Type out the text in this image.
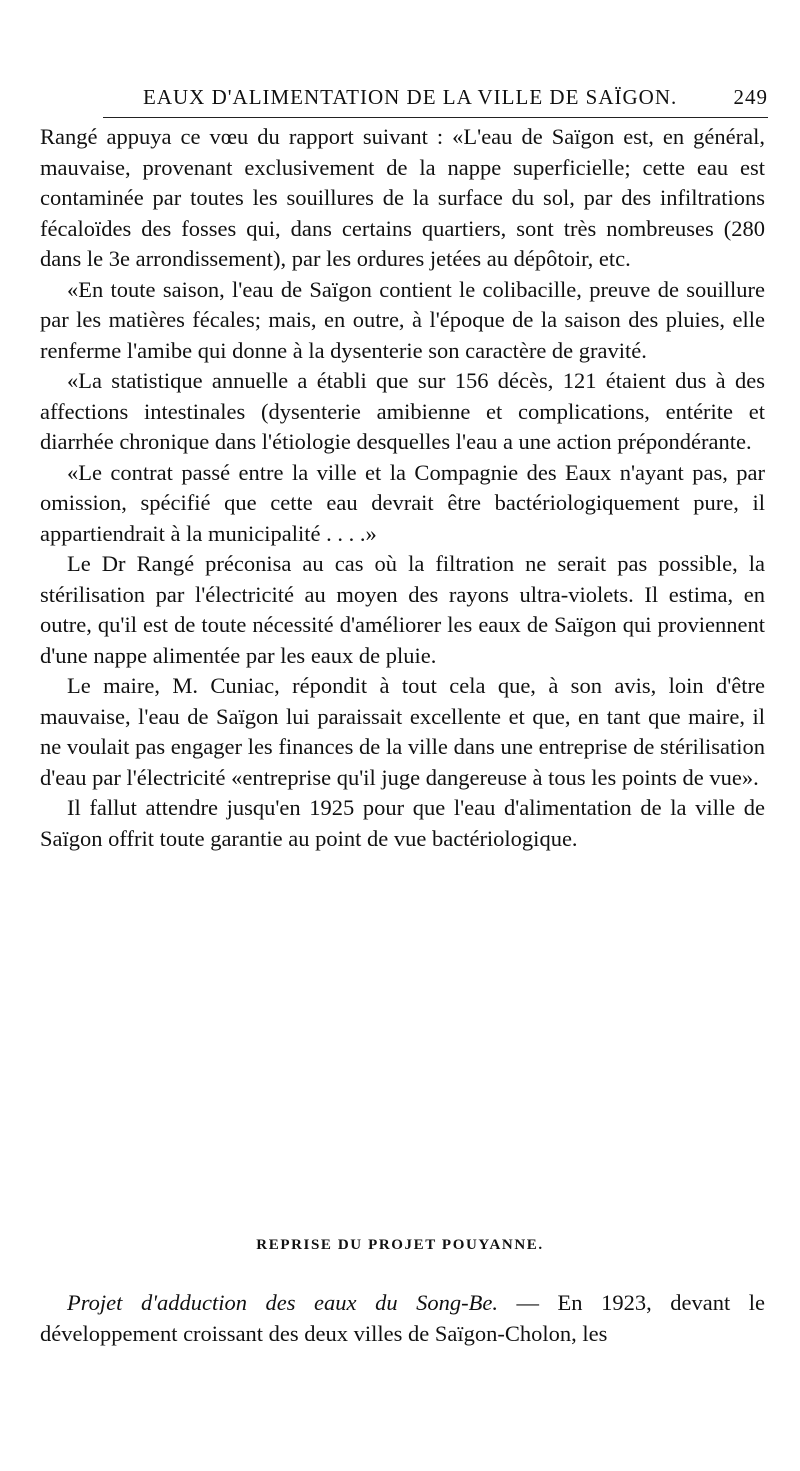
EAUX D'ALIMENTATION DE LA VILLE DE SAÏGON.	249

Rangé appuya ce vœu du rapport suivant : «L'eau de Saïgon est, en général, mauvaise, provenant exclusivement de la nappe superficielle; cette eau est contaminée par toutes les souillures de la surface du sol, par des infiltrations fécaloïdes des fosses qui, dans certains quartiers, sont très nombreuses (280 dans le 3e arrondissement), par les ordures jetées au dépôtoir, etc.

«En toute saison, l'eau de Saïgon contient le colibacille, preuve de souillure par les matières fécales; mais, en outre, à l'époque de la saison des pluies, elle renferme l'amibe qui donne à la dysenterie son caractère de gravité.

«La statistique annuelle a établi que sur 156 décès, 121 étaient dus à des affections intestinales (dysenterie amibienne et complications, entérite et diarrhée chronique dans l'étiologie desquelles l'eau a une action prépondérante.

«Le contrat passé entre la ville et la Compagnie des Eaux n'ayant pas, par omission, spécifié que cette eau devrait être bactériologiquement pure, il appartiendrait à la municipalité . . . .»

Le Dr Rangé préconisa au cas où la filtration ne serait pas possible, la stérilisation par l'électricité au moyen des rayons ultra-violets. Il estima, en outre, qu'il est de toute nécessité d'améliorer les eaux de Saïgon qui proviennent d'une nappe alimentée par les eaux de pluie.

Le maire, M. Cuniac, répondit à tout cela que, à son avis, loin d'être mauvaise, l'eau de Saïgon lui paraissait excellente et que, en tant que maire, il ne voulait pas engager les finances de la ville dans une entreprise de stérilisation d'eau par l'électricité «entreprise qu'il juge dangereuse à tous les points de vue».

Il fallut attendre jusqu'en 1925 pour que l'eau d'alimentation de la ville de Saïgon offrit toute garantie au point de vue bactériologique.

REPRISE DU PROJET POUYANNE.
Projet d'adduction des eaux du Song-Be. — En 1923, devant le développement croissant des deux villes de Saïgon-Cholon, les
